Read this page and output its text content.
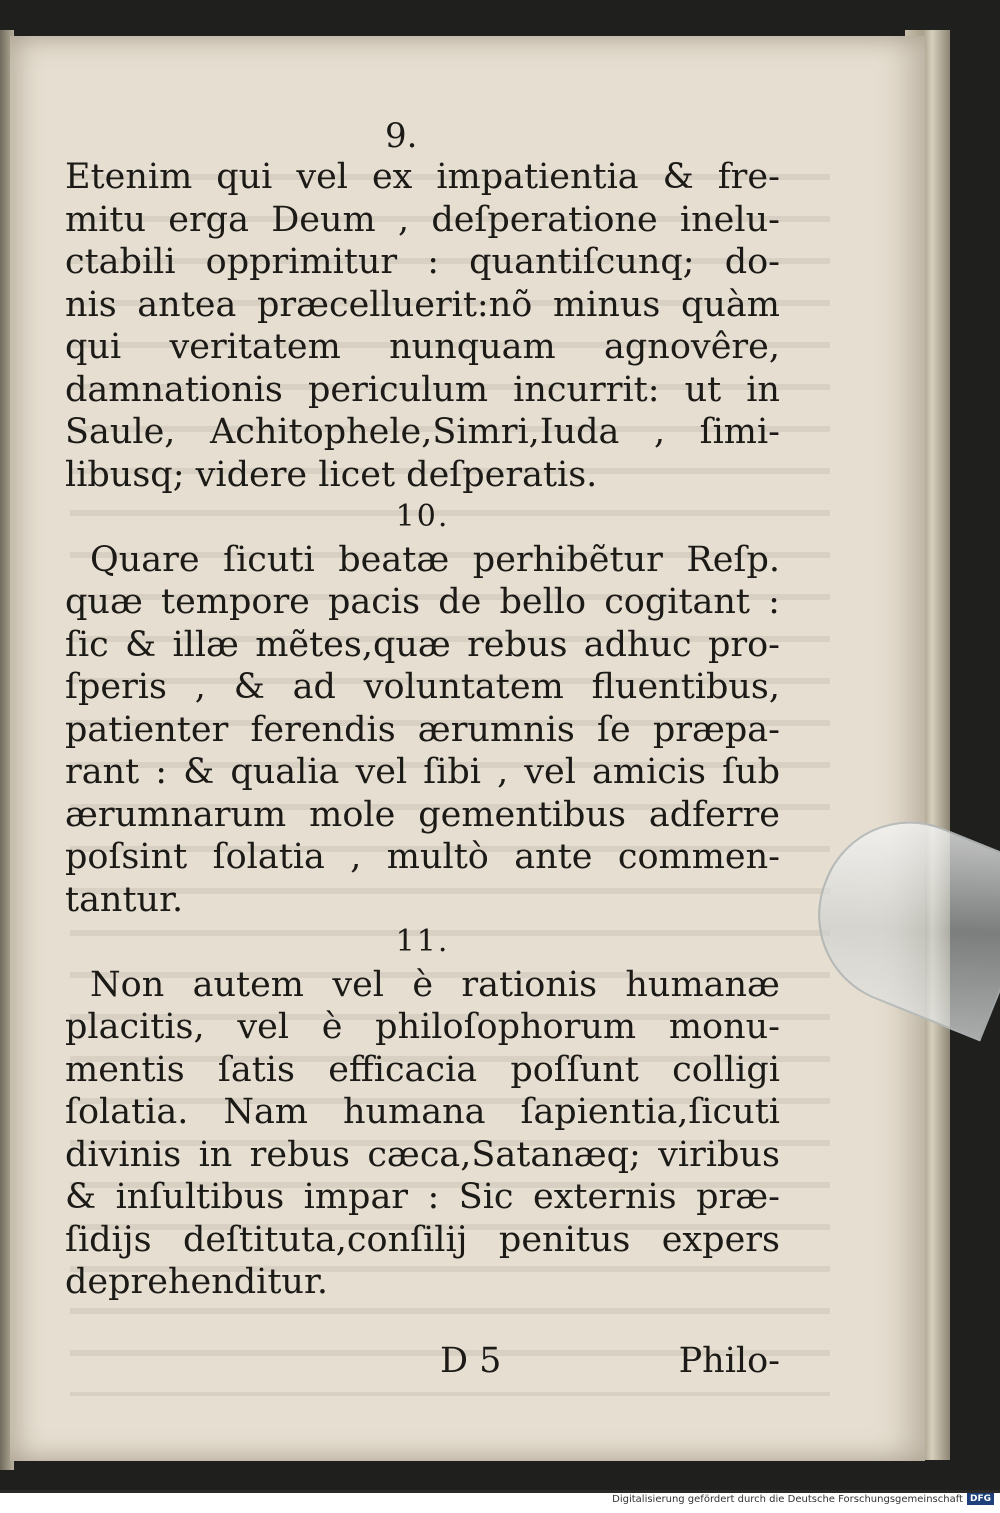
9.
Etenim qui vel ex impatientia & fre-
mitu erga Deum , deſperatione inelu-
ctabili opprimitur : quantiſcunq; do-
nis antea præcelluerit:nõ minus quàm
qui veritatem nunquam agnovêre,
damnationis periculum incurrit: ut in
Saule, Achitophele,Simri,Iuda , ſimi-
libusq; videre licet deſperatis.
10.
Quare ſicuti beatæ perhibẽtur Reſp.
quæ tempore pacis de bello cogitant :
ſic & illæ mẽtes,quæ rebus adhuc pro-
ſperis , & ad voluntatem fluentibus,
patienter ferendis ærumnis ſe præpa-
rant : & qualia vel ſibi , vel amicis ſub
ærumnarum mole gementibus adferre
poſsint ſolatia , multò ante commen-
tantur.
11.
Non autem vel è rationis humanæ
placitis, vel è philoſophorum monu-
mentis ſatis efficacia poſſunt colligi
ſolatia. Nam humana ſapientia,ſicuti
divinis in rebus cæca,Satanæq; viribus
& inſultibus impar : Sic externis præ-
ſidijs deſtituta,conſilij penitus expers
deprehenditur.
D 5	Philo-
Digitalisierung gefördert durch die Deutsche Forschungsgemeinschaft DFG
